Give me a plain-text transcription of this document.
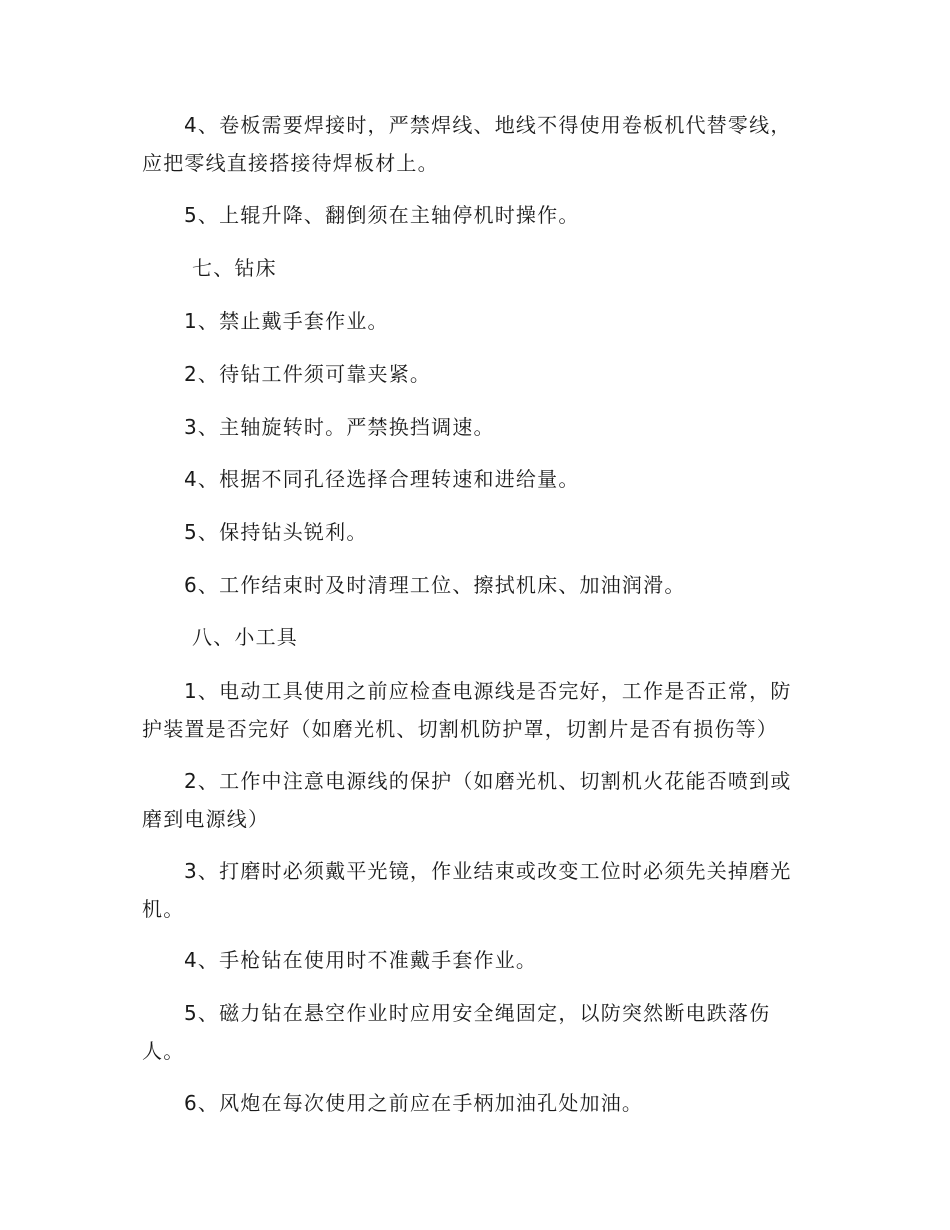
4、卷板需要焊接时，严禁焊线、地线不得使用卷板机代替零线，应把零线直接搭接待焊板材上。

5、上辊升降、翻倒须在主轴停机时操作。

七、钻床

1、禁止戴手套作业。

2、待钻工件须可靠夹紧。

3、主轴旋转时。严禁换挡调速。

4、根据不同孔径选择合理转速和进给量。

5、保持钻头锐利。

6、工作结束时及时清理工位、擦拭机床、加油润滑。

八、小工具

1、电动工具使用之前应检查电源线是否完好，工作是否正常，防护装置是否完好（如磨光机、切割机防护罩，切割片是否有损伤等）

2、工作中注意电源线的保护（如磨光机、切割机火花能否喷到或磨到电源线）

3、打磨时必须戴平光镜，作业结束或改变工位时必须先关掉磨光机。

4、手枪钻在使用时不准戴手套作业。

5、磁力钻在悬空作业时应用安全绳固定，以防突然断电跌落伤人。

6、风炮在每次使用之前应在手柄加油孔处加油。
